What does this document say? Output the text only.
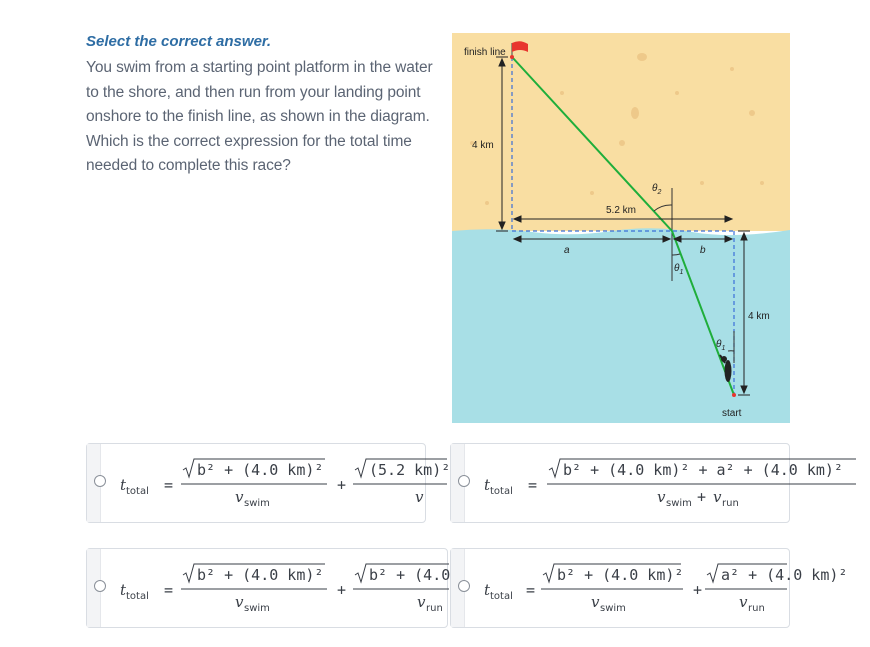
Select the correct answer.

You swim from a starting point platform in the water
to the shore, and then run from your landing point
onshore to the finish line, as shown in the diagram.
Which is the correct expression for the total time
needed to complete this race?

finish line
4 km
5.2 km
$\theta_2$
$\theta_1$
a	b
4 km
$\theta_1$
start
t total =
b² + (4.0 km)²
v swim
+
(5.2 km)²
v
t total =
b² + (4.0 km)² + a² + (4.0 km)²
v swim + v run
t total =
b² + (4.0 km)²
v swim
+
b² + (4.0
v run
t total =
b² + (4.0 km)²
v swim
+
a² + (4.0 km)²
v run
